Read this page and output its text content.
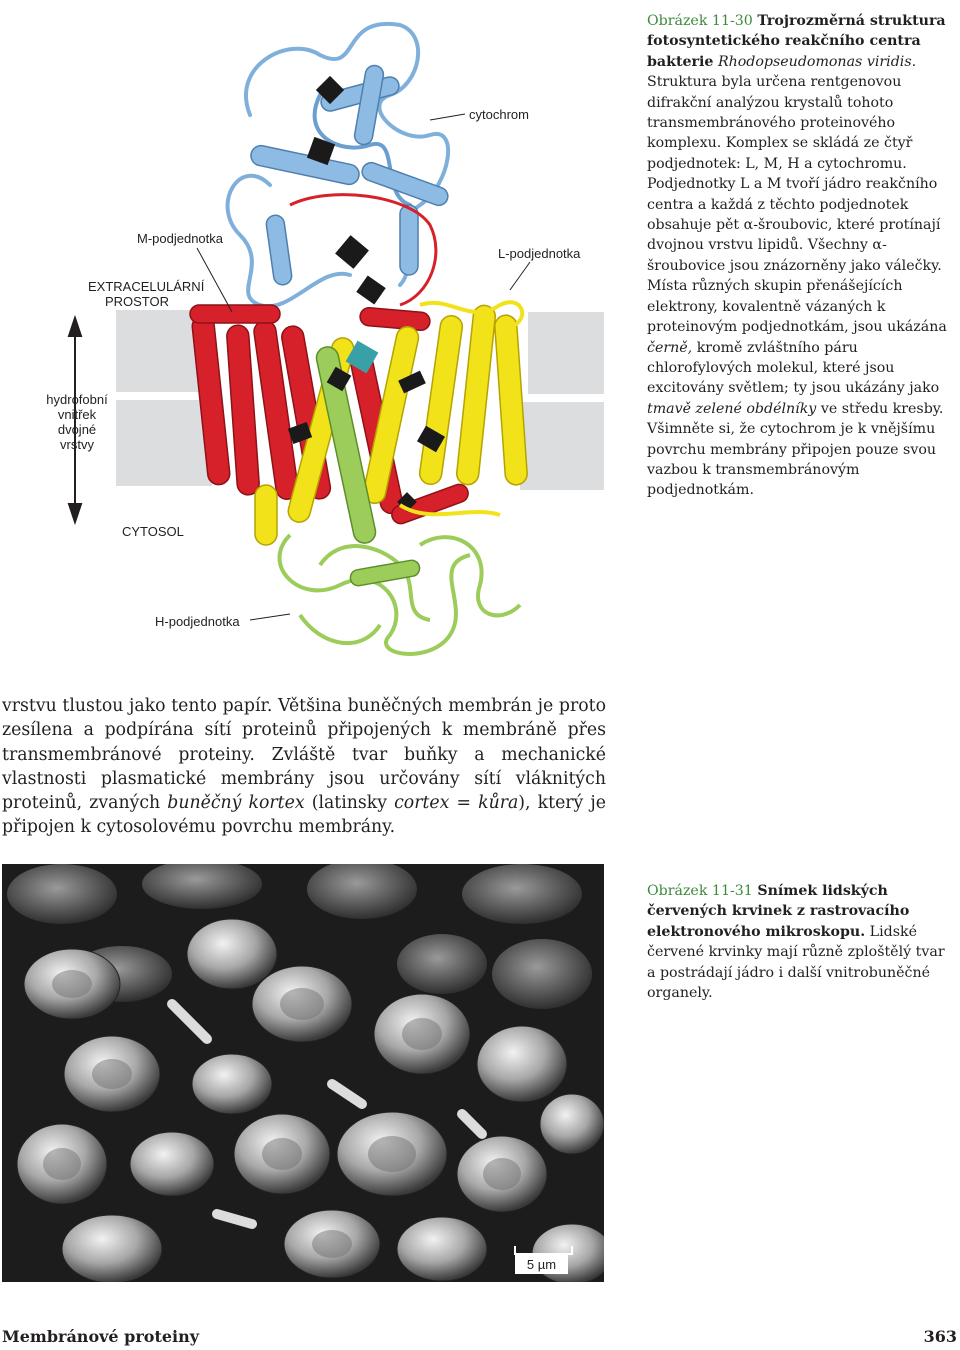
cytochrom
M-podjednotka
L-podjednotka
EXTRACELULÁRNÍ
PROSTOR
hydrofobní
vnitřek
dvojné
vrstvy
CYTOSOL
H-podjednotka
Obrázek 11-30 Trojrozměrná struktura fotosyntetického reakčního centra bakterie Rhodopseudomonas viridis. Struktura byla určena rentgenovou difrakční analýzou krystalů tohoto transmembránového proteinového komplexu. Komplex se skládá ze čtyř podjednotek: L, M, H a cytochromu. Podjednotky L a M tvoří jádro reakčního centra a každá z těchto podjednotek obsahuje pět α-šroubovic, které protínají dvojnou vrstvu lipidů. Všechny α-šroubovice jsou znázorněny jako válečky. Místa různých skupin přenášejících elektrony, kovalentně vázaných k proteinovým podjednotkám, jsou ukázána černě, kromě zvláštního páru chlorofylových molekul, které jsou excitovány světlem; ty jsou ukázány jako tmavě zelené obdélníky ve středu kresby. Všimněte si, že cytochrom je k vnějšímu povrchu membrány připojen pouze svou vazbou k transmembránovým podjednotkám.
vrstvu tlustou jako tento papír. Většina buněčných membrán je proto zesílena a podpírána sítí proteinů připojených k membráně přes transmembránové proteiny. Zvláště tvar buňky a mechanické vlastnosti plasmatické membrány jsou určovány sítí vláknitých proteinů, zvaných buněčný kortex (latinsky cortex = kůra), který je připojen k cytosolovému povrchu membrány.
5 µm
Obrázek 11-31 Snímek lidských červených krvinek z rastrovacího elektronového mikroskopu. Lidské červené krvinky mají různě zploštělý tvar a postrádají jádro i další vnitrobuněčné organely.
Membránové proteiny	363
